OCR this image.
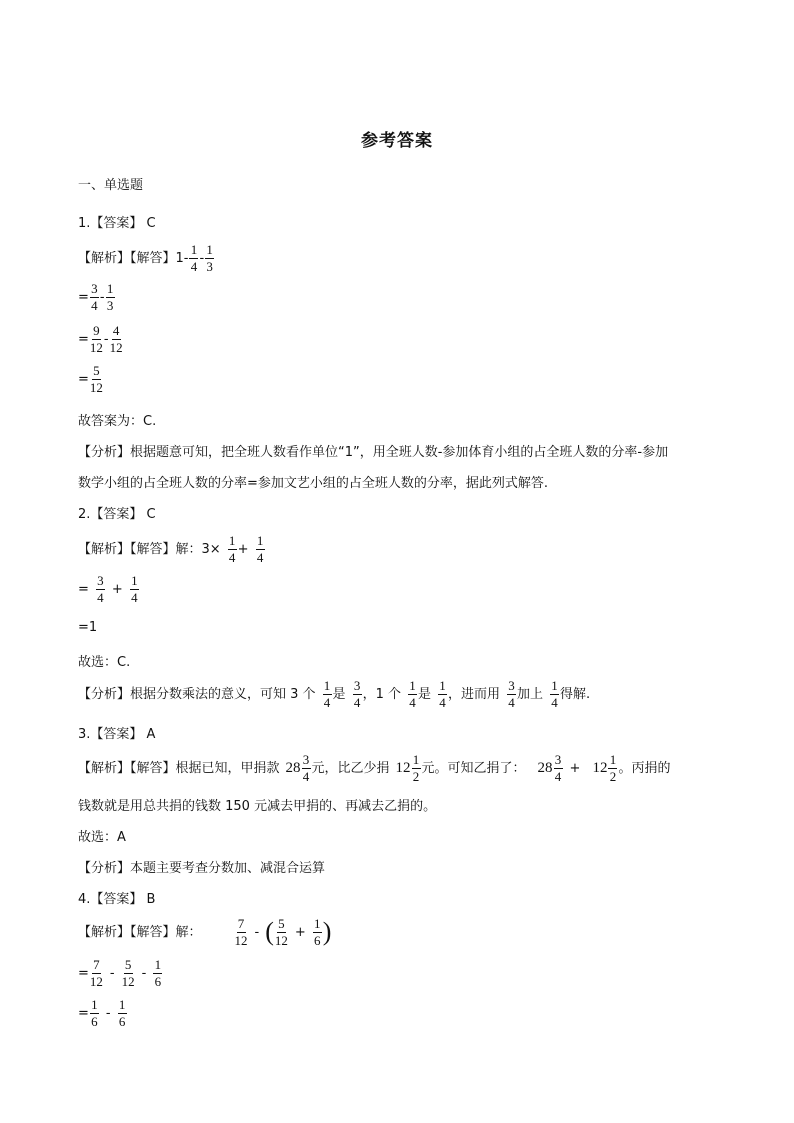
参考答案
一、单选题
1.【答案】 C
【解析】【解答】$1- \frac{1}{4} - \frac{1}{3}$
= $\frac{3}{4} - \frac{1}{3}$
= $\frac{9}{12} - \frac{4}{12}$
= $\frac{5}{12}$
故答案为：C.
【分析】根据题意可知，把全班人数看作单位“1”，用全班人数-参加体育小组的占全班人数的分率-参加
数学小组的占全班人数的分率=参加文艺小组的占全班人数的分率，据此列式解答.
2.【答案】 C
【解析】【解答】解：$3\times \frac{1}{4} + \frac{1}{4}$
= $\frac{3}{4} + \frac{1}{4}$
=1
故选：C.
【分析】根据分数乘法的意义，可知 3 个 $\frac{1}{4}$ 是 $\frac{3}{4}$ ，1 个 $\frac{1}{4}$ 是 $\frac{1}{4}$ ，进而用 $\frac{3}{4}$ 加上 $\frac{1}{4}$ 得解.
3.【答案】 A
【解析】【解答】根据已知，甲捐款 $28 \frac{3}{4}$ 元，比乙少捐 $12 \frac{1}{2}$ 元。可知乙捐了： $28 \frac{3}{4} + 12 \frac{1}{2}$ 。丙捐的
钱数就是用总共捐的钱数 150 元减去甲捐的、再减去乙捐的。
故选：A
【分析】本题主要考查分数加、减混合运算
4.【答案】 B
【解析】【解答】解：	$\frac{7}{12}$ - ( $\frac{5}{12} + \frac{1}{6}$ )
= $\frac{7}{12} - \frac{5}{12} - \frac{1}{6}$
= $\frac{1}{6} - \frac{1}{6}$
